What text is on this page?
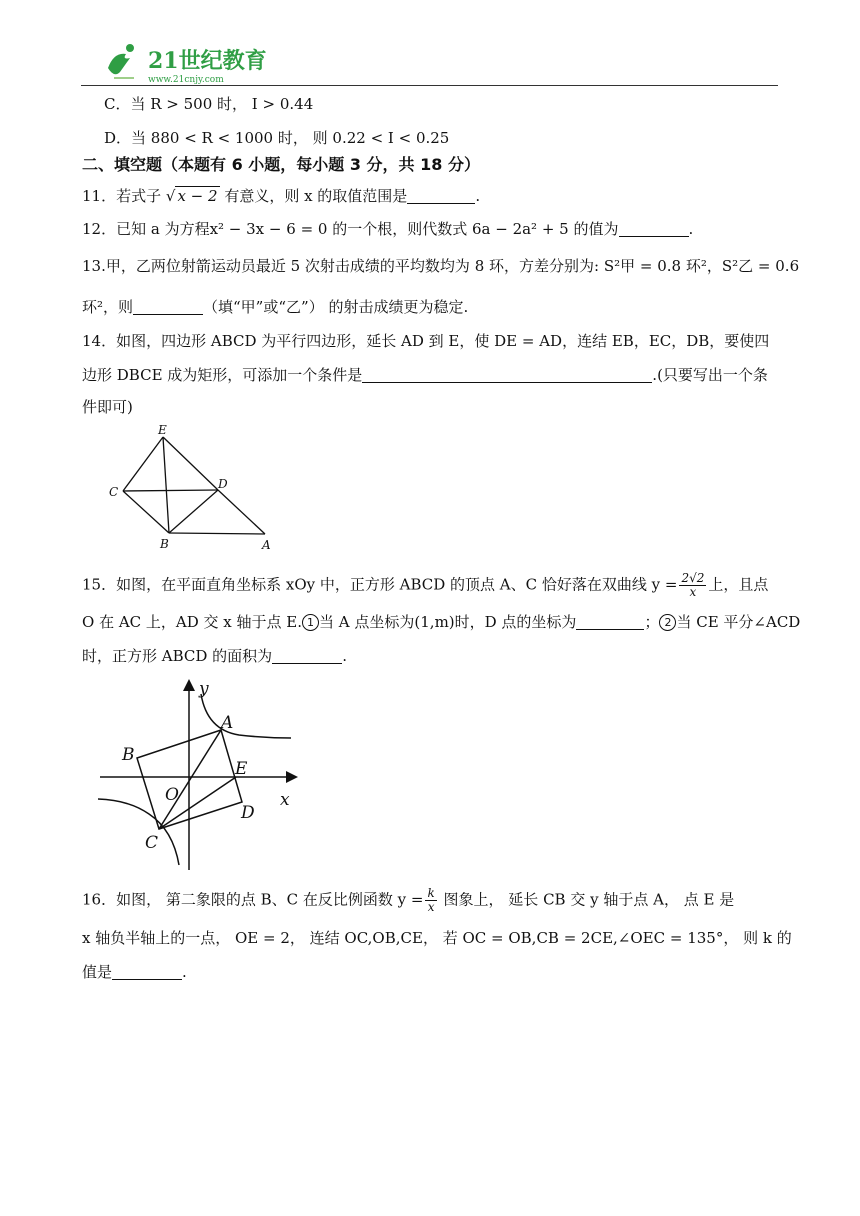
21世纪教育
www.21cnjy.com
C．当 R > 500 时， I > 0.44
D．当 880 < R < 1000 时， 则 0.22 < I < 0.25
二、填空题（本题有 6 小题，每小题 3 分，共 18 分）
11．若式子 √ x − 2 有意义，则 x 的取值范围是	.
12．已知 a 为方程x² − 3x − 6 = 0 的一个根，则代数式 6a − 2a² + 5 的值为	.
13.甲，乙两位射箭运动员最近 5 次射击成绩的平均数均为 8 环，方差分别为: S²甲 = 0.8 环²，S²乙 = 0.6
环²，则	（填“甲”或“乙”） 的射击成绩更为稳定.
14．如图，四边形 ABCD 为平行四边形，延长 AD 到 E，使 DE = AD，连结 EB，EC，DB，要使四
边形 DBCE 成为矩形，可添加一个条件是	.(只要写出一个条
件即可)
E
C
D
B	A
15．如图，在平面直角坐标系 xOy 中，正方形 ABCD 的顶点 A、C 恰好落在双曲线 $y = \frac{2√2}{x}$ 上，且点
O 在 AC 上，AD 交 x 轴于点 E. 1 当 A 点坐标为(1,m)时，D 点的坐标为	； 2 当 CE 平分∠ACD
时，正方形 ABCD 的面积为	.
y
x
A
B
C
D
E
O
16．如图， 第二象限的点 B、C 在反比例函数 $y = \frac{k}{x}$ 图象上， 延长 CB 交 y 轴于点 A， 点 E 是
x 轴负半轴上的一点， OE = 2， 连结 OC,OB,CE， 若 OC = OB,CB = 2CE,∠OEC = 135°， 则 k 的
值是	.
